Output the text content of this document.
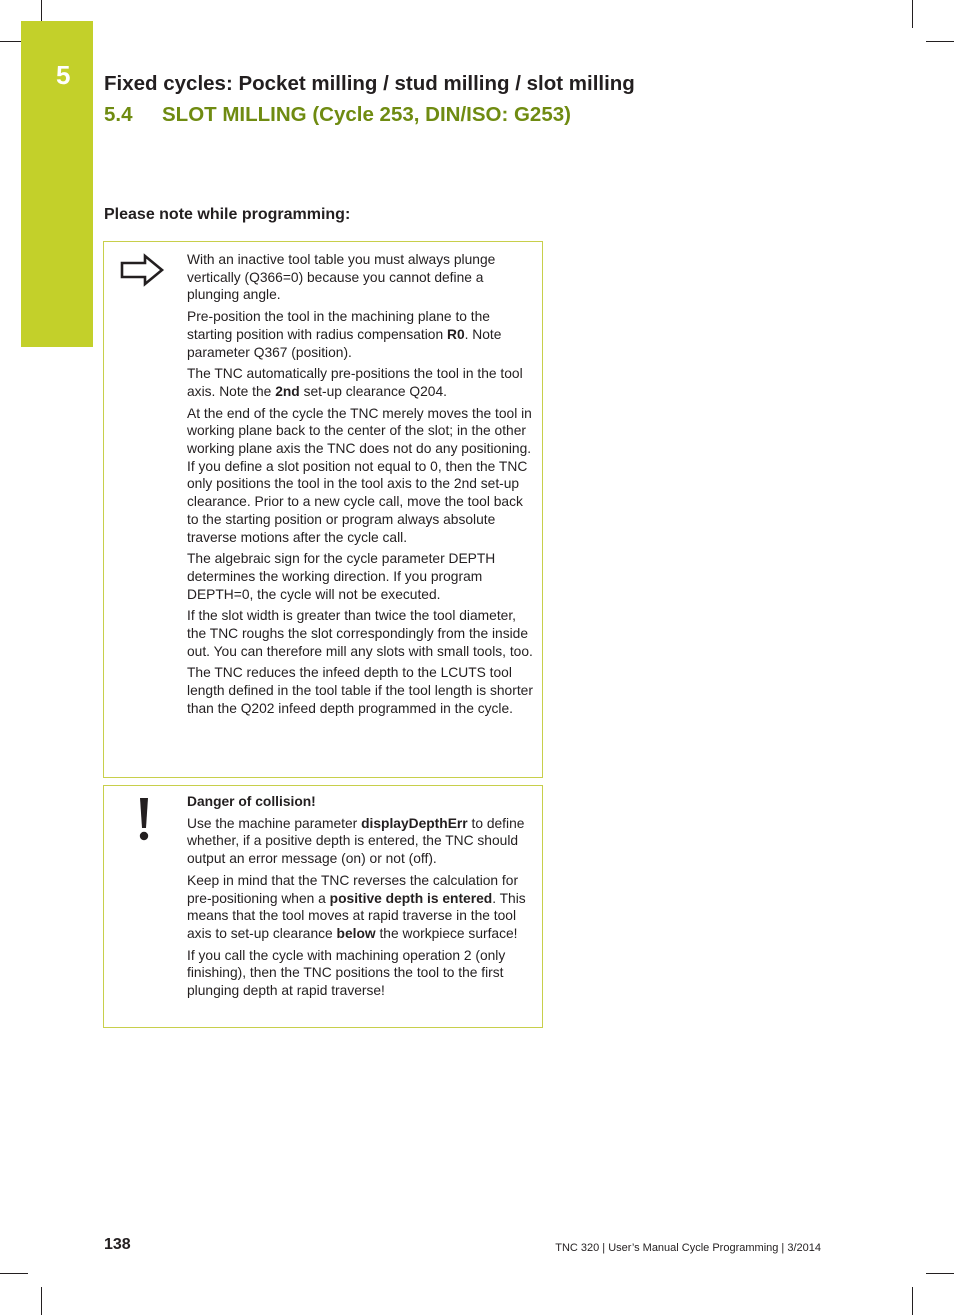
5 Fixed cycles: Pocket milling / stud milling / slot milling
5.4 SLOT MILLING (Cycle 253, DIN/ISO: G253)
Please note while programming:

With an inactive tool table you must always plunge vertically (Q366=0) because you cannot define a plunging angle.

Pre-position the tool in the machining plane to the starting position with radius compensation R0. Note parameter Q367 (position).

The TNC automatically pre-positions the tool in the tool axis. Note the 2nd set-up clearance Q204.

At the end of the cycle the TNC merely moves the tool in working plane back to the center of the slot; in the other working plane axis the TNC does not do any positioning. If you define a slot position not equal to 0, then the TNC only positions the tool in the tool axis to the 2nd set-up clearance. Prior to a new cycle call, move the tool back to the starting position or program always absolute traverse motions after the cycle call.

The algebraic sign for the cycle parameter DEPTH determines the working direction. If you program DEPTH=0, the cycle will not be executed.

If the slot width is greater than twice the tool diameter, the TNC roughs the slot correspondingly from the inside out. You can therefore mill any slots with small tools, too.

The TNC reduces the infeed depth to the LCUTS tool length defined in the tool table if the tool length is shorter than the Q202 infeed depth programmed in the cycle.

Danger of collision!

Use the machine parameter displayDepthErr to define whether, if a positive depth is entered, the TNC should output an error message (on) or not (off).

Keep in mind that the TNC reverses the calculation for pre-positioning when a positive depth is entered. This means that the tool moves at rapid traverse in the tool axis to set-up clearance below the workpiece surface!

If you call the cycle with machining operation 2 (only finishing), then the TNC positions the tool to the first plunging depth at rapid traverse!

138	TNC 320 | User’s Manual Cycle Programming | 3/2014
